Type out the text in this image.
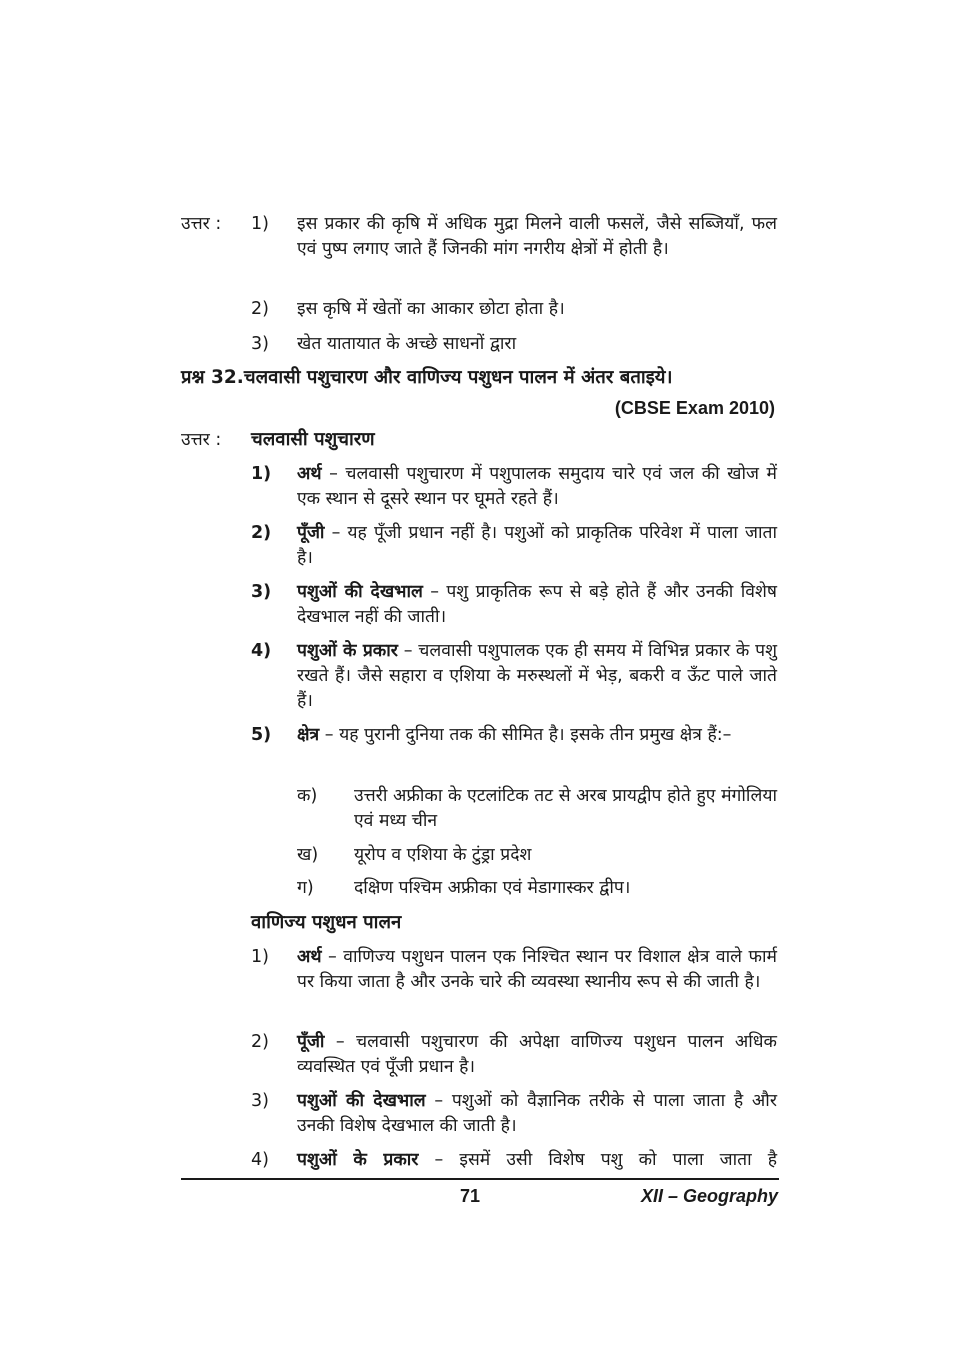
उत्तर : 1) इस प्रकार की कृषि में अधिक मुद्रा मिलने वाली फसलें, जैसे सब्जियाँ, फल एवं पुष्प लगाए जाते हैं जिनकी मांग नगरीय क्षेत्रों में होती है।
2) इस कृषि में खेतों का आकार छोटा होता है।
3) खेत यातायात के अच्छे साधनों द्वारा
प्रश्न 32.चलवासी पशुचारण और वाणिज्य पशुधन पालन में अंतर बताइये।
(CBSE Exam 2010)
उत्तर : चलवासी पशुचारण
1) अर्थ – चलवासी पशुचारण में पशुपालक समुदाय चारे एवं जल की खोज में एक स्थान से दूसरे स्थान पर घूमते रहते हैं।
2) पूँजी – यह पूँजी प्रधान नहीं है। पशुओं को प्राकृतिक परिवेश में पाला जाता है।
3) पशुओं की देखभाल – पशु प्राकृतिक रूप से बड़े होते हैं और उनकी विशेष देखभाल नहीं की जाती।
4) पशुओं के प्रकार – चलवासी पशुपालक एक ही समय में विभिन्न प्रकार के पशु रखते हैं। जैसे सहारा व एशिया के मरुस्थलों में भेड़, बकरी व ऊँट पाले जाते हैं।
5) क्षेत्र – यह पुरानी दुनिया तक की सीमित है। इसके तीन प्रमुख क्षेत्र हैं:–
क) उत्तरी अफ्रीका के एटलांटिक तट से अरब प्रायद्वीप होते हुए मंगोलिया एवं मध्य चीन
ख) यूरोप व एशिया के टुंड्रा प्रदेश
ग) दक्षिण पश्चिम अफ्रीका एवं मेडागास्कर द्वीप।
वाणिज्य पशुधन पालन
1) अर्थ – वाणिज्य पशुधन पालन एक निश्चित स्थान पर विशाल क्षेत्र वाले फार्म पर किया जाता है और उनके चारे की व्यवस्था स्थानीय रूप से की जाती है।
2) पूँजी – चलवासी पशुचारण की अपेक्षा वाणिज्य पशुधन पालन अधिक व्यवस्थित एवं पूँजी प्रधान है।
3) पशुओं की देखभाल – पशुओं को वैज्ञानिक तरीके से पाला जाता है और उनकी विशेष देखभाल की जाती है।
4) पशुओं के प्रकार – इसमें उसी विशेष पशु को पाला जाता है
71	XII – Geography
